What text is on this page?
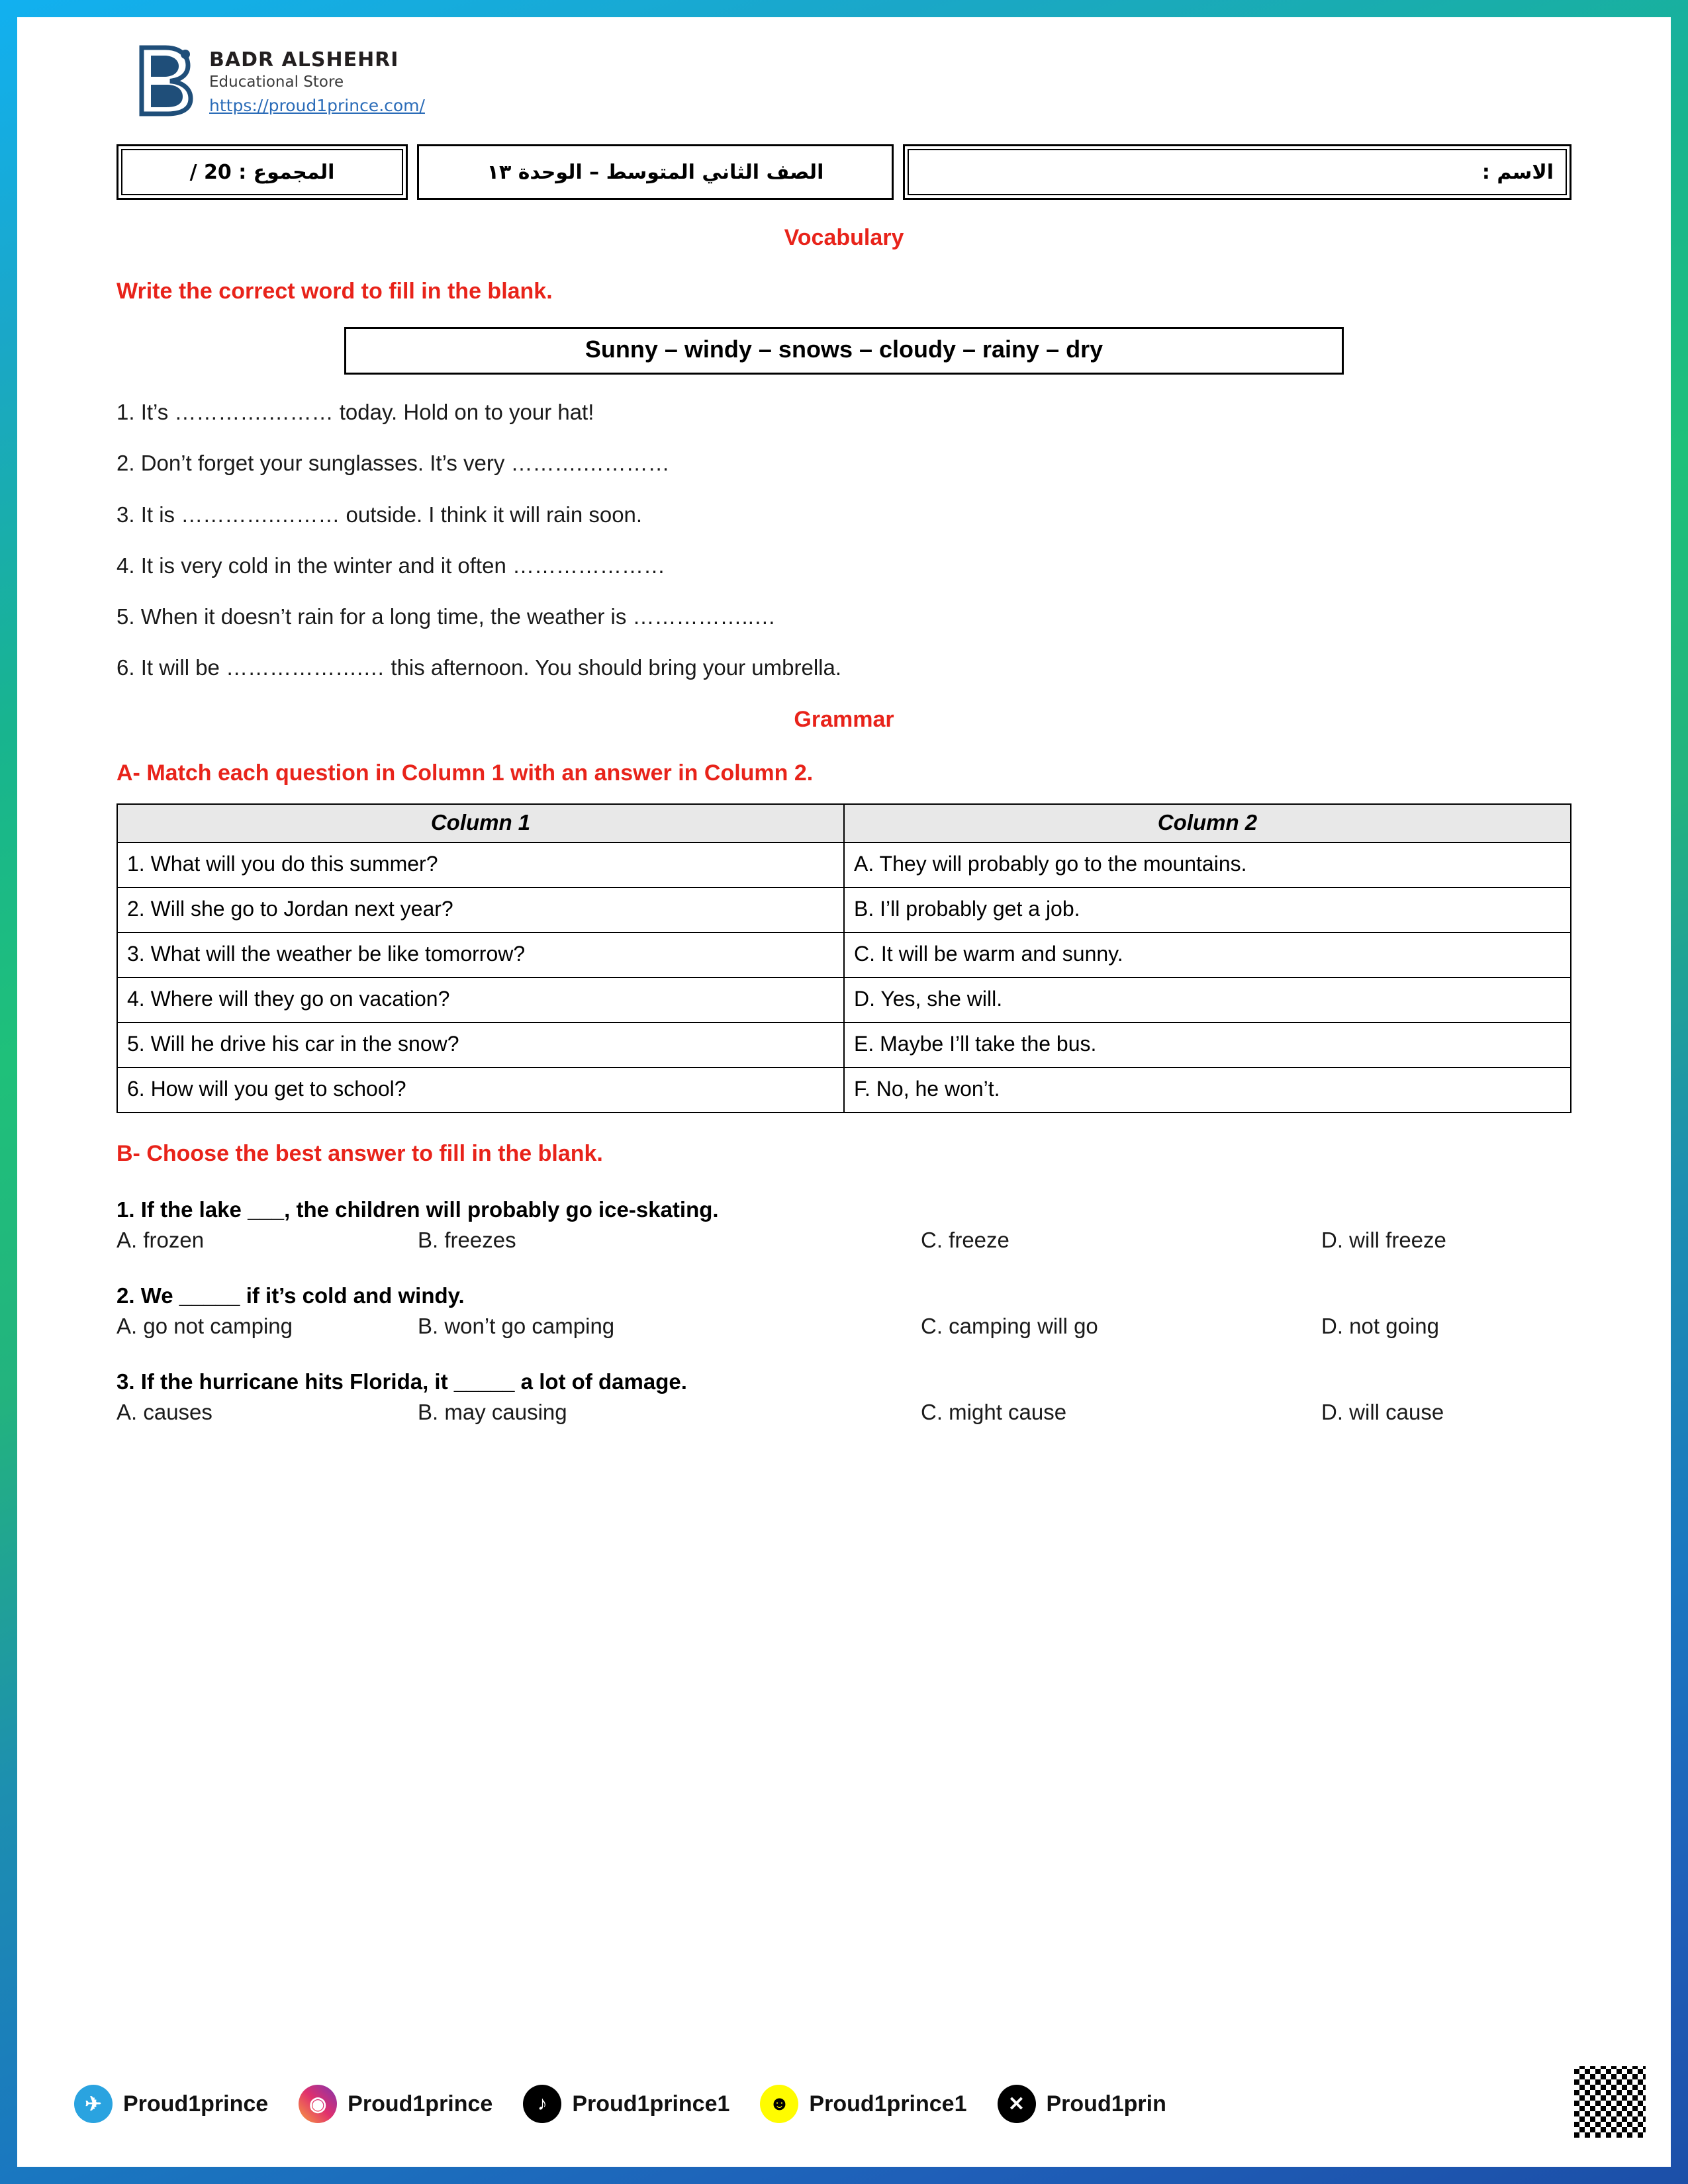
BADR ALSHEHRI
Educational Store
https://proud1prince.com/
الاسم :
الصف الثاني المتوسط – الوحدة ١٣
المجموع : 20 /
Vocabulary
Write the correct word to fill in the blank.
Sunny – windy – snows – cloudy – rainy – dry
1. It’s ………….……… today. Hold on to your hat!
2. Don’t forget your sunglasses. It’s very ……….…………
3. It is ………….……… outside. I think it will rain soon.
4. It is very cold in the winter and it often …………………
5. When it doesn’t rain for a long time, the weather is ……………..…
6. It will be ……………….… this afternoon. You should bring your umbrella.
Grammar
A- Match each question in Column 1 with an answer in Column 2.
Column 1	Column 2
1. What will you do this summer?	A. They will probably go to the mountains.
2. Will she go to Jordan next year?	B. I’ll probably get a job.
3. What will the weather be like tomorrow?	C. It will be warm and sunny.
4. Where will they go on vacation?	D. Yes, she will.
5. Will he drive his car in the snow?	E. Maybe I’ll take the bus.
6. How will you get to school?	F. No, he won’t.
B- Choose the best answer to fill in the blank.
1. If the lake ___, the children will probably go ice-skating.
A. frozen	B. freezes	C. freeze	D. will freeze
2. We _____ if it’s cold and windy.
A. go not camping	B. won’t go camping	C. camping will go	D. not going
3. If the hurricane hits Florida, it _____ a lot of damage.
A. causes	B. may causing	C. might cause	D. will cause
✈ Proud1prince	◉ Proud1prince	♪	Proud1prince1	☻ Proud1prince1	✕ Proud1prin
